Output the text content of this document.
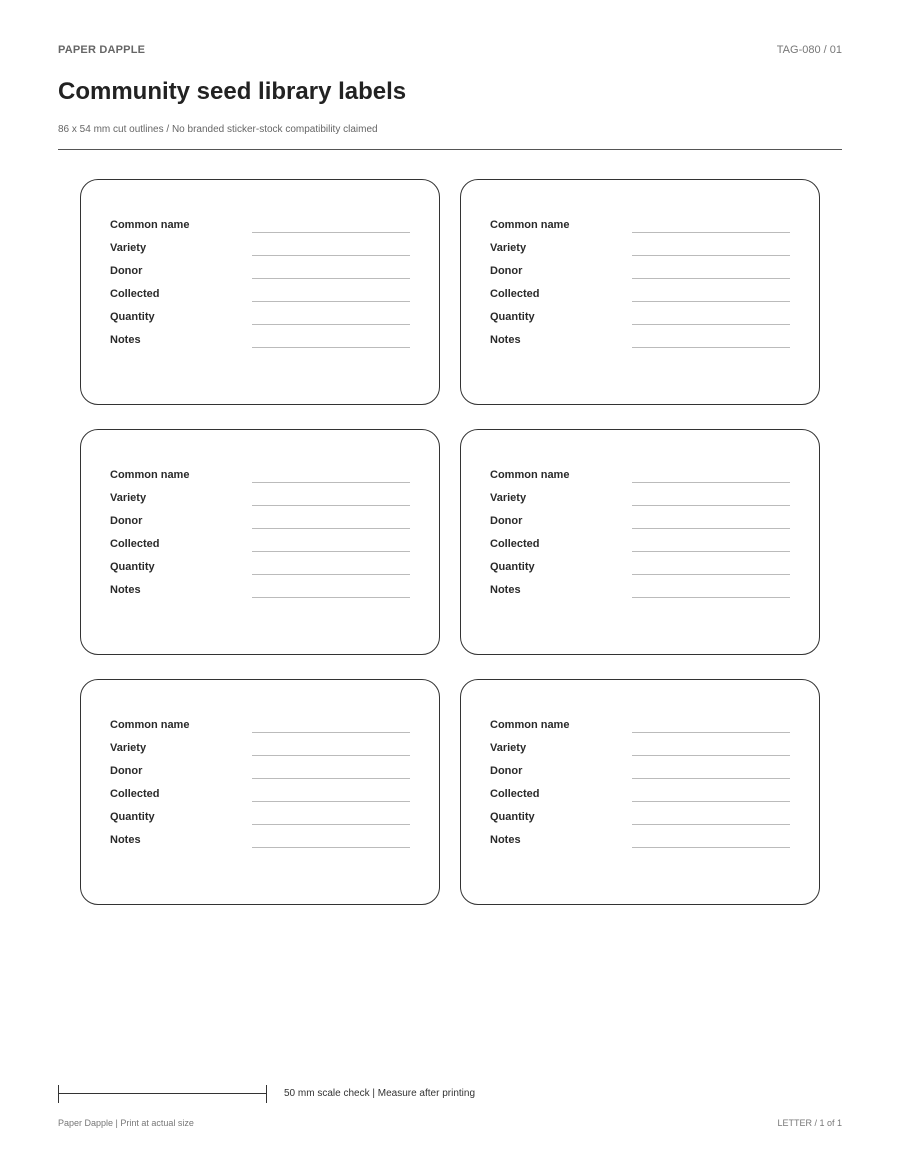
PAPER DAPPLE	TAG-080 / 01
Community seed library labels
86 x 54 mm cut outlines / No branded sticker-stock compatibility claimed
Common name
Variety
Donor
Collected
Quantity
Notes
Common name
Variety
Donor
Collected
Quantity
Notes
Common name
Variety
Donor
Collected
Quantity
Notes
Common name
Variety
Donor
Collected
Quantity
Notes
Common name
Variety
Donor
Collected
Quantity
Notes
Common name
Variety
Donor
Collected
Quantity
Notes
50 mm scale check | Measure after printing
Paper Dapple | Print at actual size	LETTER / 1 of 1
